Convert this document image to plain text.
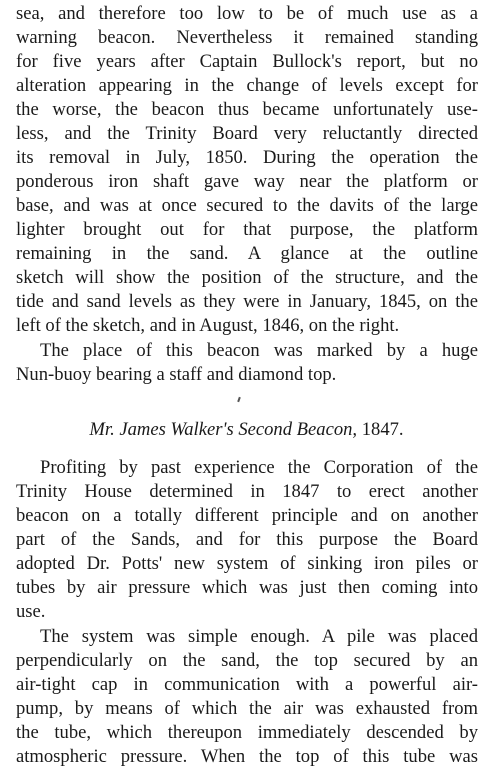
sea, and therefore too low to be of much use as a
warning beacon. Nevertheless it remained standing
for five years after Captain Bullock's report, but no
alteration appearing in the change of levels except for
the worse, the beacon thus became unfortunately use-
less, and the Trinity Board very reluctantly directed
its removal in July, 1850. During the operation the
ponderous iron shaft gave way near the platform or
base, and was at once secured to the davits of the large
lighter brought out for that purpose, the platform
remaining in the sand. A glance at the outline
sketch will show the position of the structure, and the
tide and sand levels as they were in January, 1845, on the
left of the sketch, and in August, 1846, on the right.
The place of this beacon was marked by a huge
Nun-buoy bearing a staff and diamond top.
Mr. James Walker's Second Beacon, 1847.
Profiting by past experience the Corporation of the
Trinity House determined in 1847 to erect another
beacon on a totally different principle and on another
part of the Sands, and for this purpose the Board
adopted Dr. Potts' new system of sinking iron piles or
tubes by air pressure which was just then coming into
use.
The system was simple enough. A pile was placed
perpendicularly on the sand, the top secured by an
air-tight cap in communication with a powerful air-
pump, by means of which the air was exhausted from
the tube, which thereupon immediately descended by
atmospheric pressure. When the top of this tube was
